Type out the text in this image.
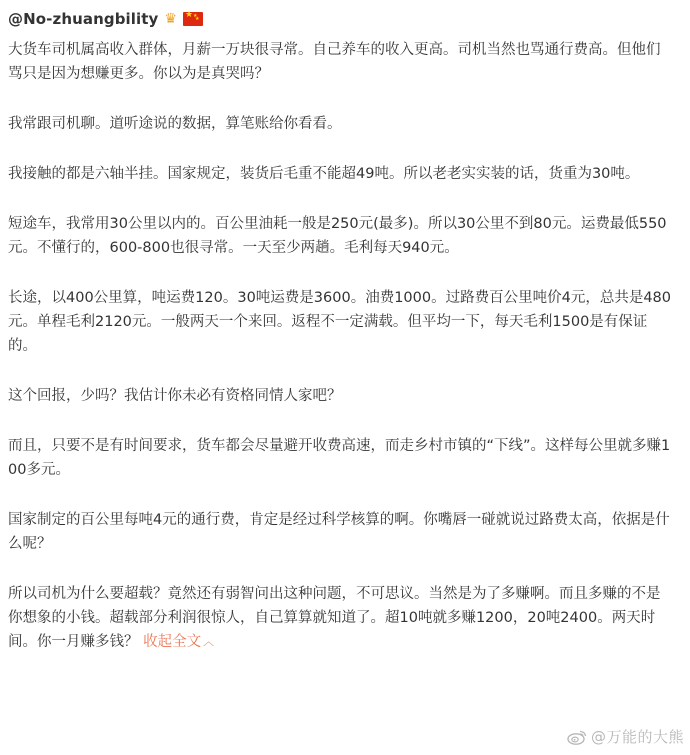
@No-zhuangbility ♛ ★ ★
★

大货车司机属高收入群体，月薪一万块很寻常。自己养车的收入更高。司机当然也骂通行费高。但他们骂只是因为想赚更多。你以为是真哭吗？

我常跟司机聊。道听途说的数据，算笔账给你看看。

我接触的都是六轴半挂。国家规定，装货后毛重不能超49吨。所以老老实实装的话，货重为30吨。

短途车，我常用30公里以内的。百公里油耗一般是250元(最多)。所以30公里不到80元。运费最低550元。不懂行的，600-800也很寻常。一天至少两趟。毛利每天940元。

长途，以400公里算，吨运费120。30吨运费是3600。油费1000。过路费百公里吨价4元，总共是480元。单程毛利2120元。一般两天一个来回。返程不一定满载。但平均一下，每天毛利1500是有保证的。

这个回报，少吗？我估计你未必有资格同情人家吧？

而且，只要不是有时间要求，货车都会尽量避开收费高速，而走乡村市镇的“下线”。这样每公里就多赚100多元。

国家制定的百公里每吨4元的通行费，肯定是经过科学核算的啊。你嘴唇一碰就说过路费太高，依据是什么呢？

所以司机为什么要超载？竟然还有弱智问出这种问题，不可思议。当然是为了多赚啊。而且多赚的不是你想象的小钱。超载部分利润很惊人，自己算算就知道了。超10吨就多赚1200，20吨2400。两天时间。你一月赚多钱？ 收起全文 ︿

@万能的大熊
